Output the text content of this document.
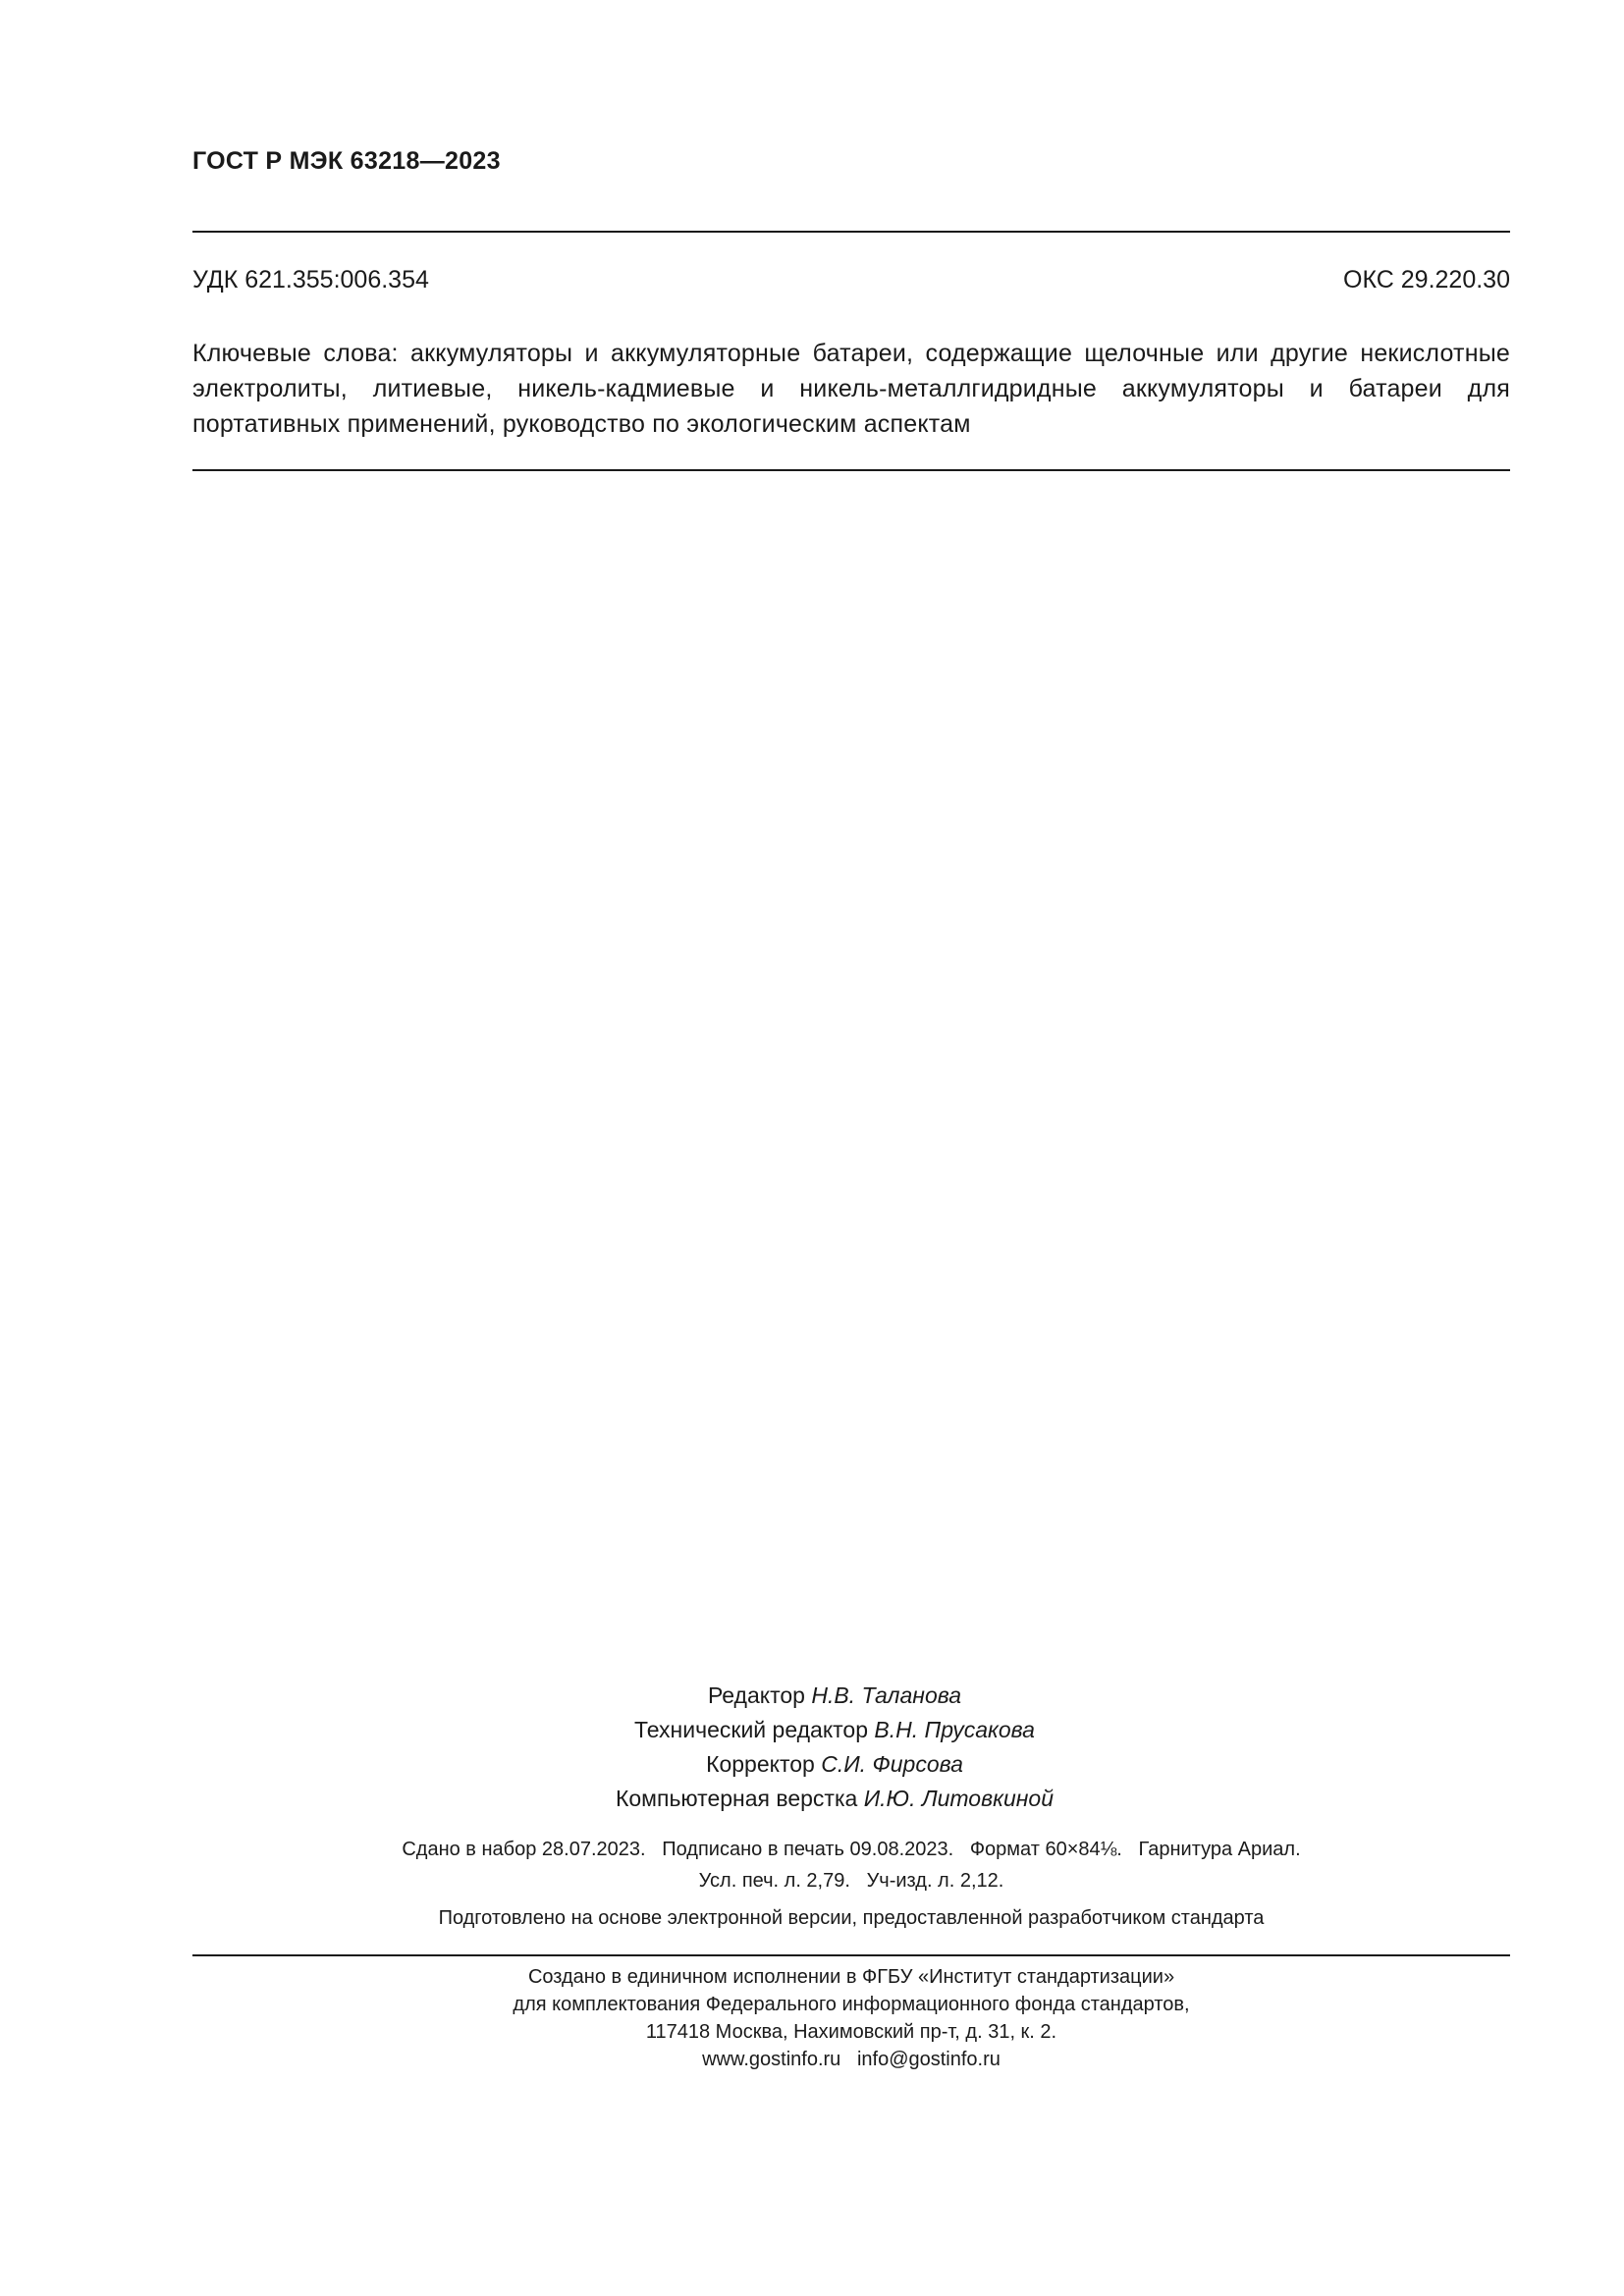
ГОСТ Р МЭК 63218—2023
УДК 621.355:006.354	ОКС 29.220.30
Ключевые слова: аккумуляторы и аккумуляторные батареи, содержащие щелочные или другие некислотные электролиты, литиевые, никель-кадмиевые и никель-металлгидридные аккумуляторы и батареи для портативных применений, руководство по экологическим аспектам
Редактор Н.В. Таланова
Технический редактор В.Н. Прусакова
Корректор С.И. Фирсова
Компьютерная верстка И.Ю. Литовкиной
Сдано в набор 28.07.2023.   Подписано в печать 09.08.2023.   Формат 60×84⅛.   Гарнитура Ариал.
Усл. печ. л. 2,79.   Уч-изд. л. 2,12.
Подготовлено на основе электронной версии, предоставленной разработчиком стандарта
Создано в единичном исполнении в ФГБУ «Институт стандартизации»
для комплектования Федерального информационного фонда стандартов,
117418 Москва, Нахимовский пр-т, д. 31, к. 2.
www.gostinfo.ru   info@gostinfo.ru
